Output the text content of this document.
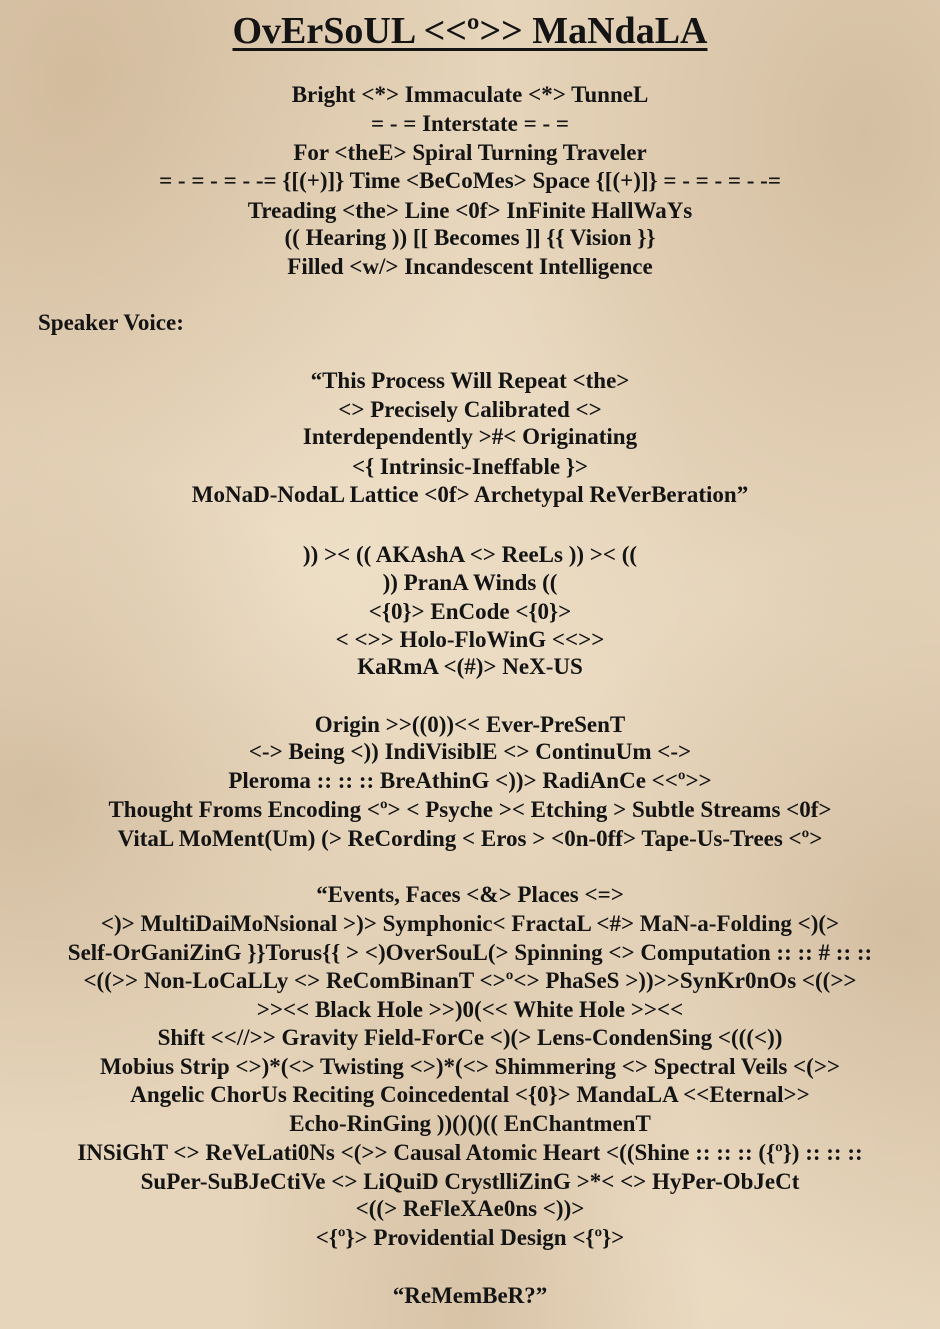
OvErSoUL <<º>> MaNdaLA
Bright <*> Immaculate <*> TunneL
= - = Interstate = - =
For <theE> Spiral Turning Traveler
= - = - = - -= {[(+)]} Time <BeCoMes> Space {[(+)]} = - = - = - -=
Treading <the> Line <0f> InFinite HallWaYs
(( Hearing )) [[ Becomes ]] {{ Vision }}
Filled <w/> Incandescent Intelligence
Speaker Voice:
“This Process Will Repeat <the>
<> Precisely Calibrated <>
Interdependently >#< Originating
<{ Intrinsic-Ineffable }>
MoNaD-NodaL Lattice <0f> Archetypal ReVerBeration”
)) >< (( AKAshA <> ReeLs )) >< ((
)) PranA Winds ((
<{0}> EnCode <{0}>
< <>> Holo-FloWinG <<>>
KaRmA <(#)> NeX-US
Origin >>((0))<< Ever-PreSenT
<-> Being <)) IndiVisiblE <> ContinuUm <->
Pleroma :: :: :: BreAthinG <))> RadiAnCe <<º>>
Thought Froms Encoding <º> < Psyche >< Etching > Subtle Streams <0f>
VitaL MoMent(Um) (> ReCording < Eros > <0n-0ff> Tape-Us-Trees <º>
“Events, Faces <&> Places <=>
<)> MultiDaiMoNsional >)> Symphonic< FractaL <#> MaN-a-Folding <)(>
Self-OrGaniZinG }}Torus{{ > <)OverSouL(> Spinning <> Computation :: :: # :: ::
<((>> Non-LoCaLLy <> ReComBinanT <>º<> PhaSeS >))>>SynKr0nOs <((>>
>><< Black Hole >>)0(<< White Hole >><<
Shift <<//>> Gravity Field-ForCe <)(> Lens-CondenSing <(((<))
Mobius Strip <>)*(<> Twisting <>)*(<> Shimmering <> Spectral Veils <(>>
Angelic ChorUs Reciting Coincedental <{0}> MandaLA <<Eternal>>
Echo-RinGing ))()()(( EnChantmenT
INSiGhT <> ReVeLati0Ns <(>> Causal Atomic Heart <((Shine :: :: :: ({º}) :: :: ::
SuPer-SuBJeCtiVe <> LiQuiD CrystlliZinG >*< <> HyPer-ObJeCt
<((> ReFleXAe0ns <))>
<{º}> Providential Design <{º}>
“ReMemBeR?”
